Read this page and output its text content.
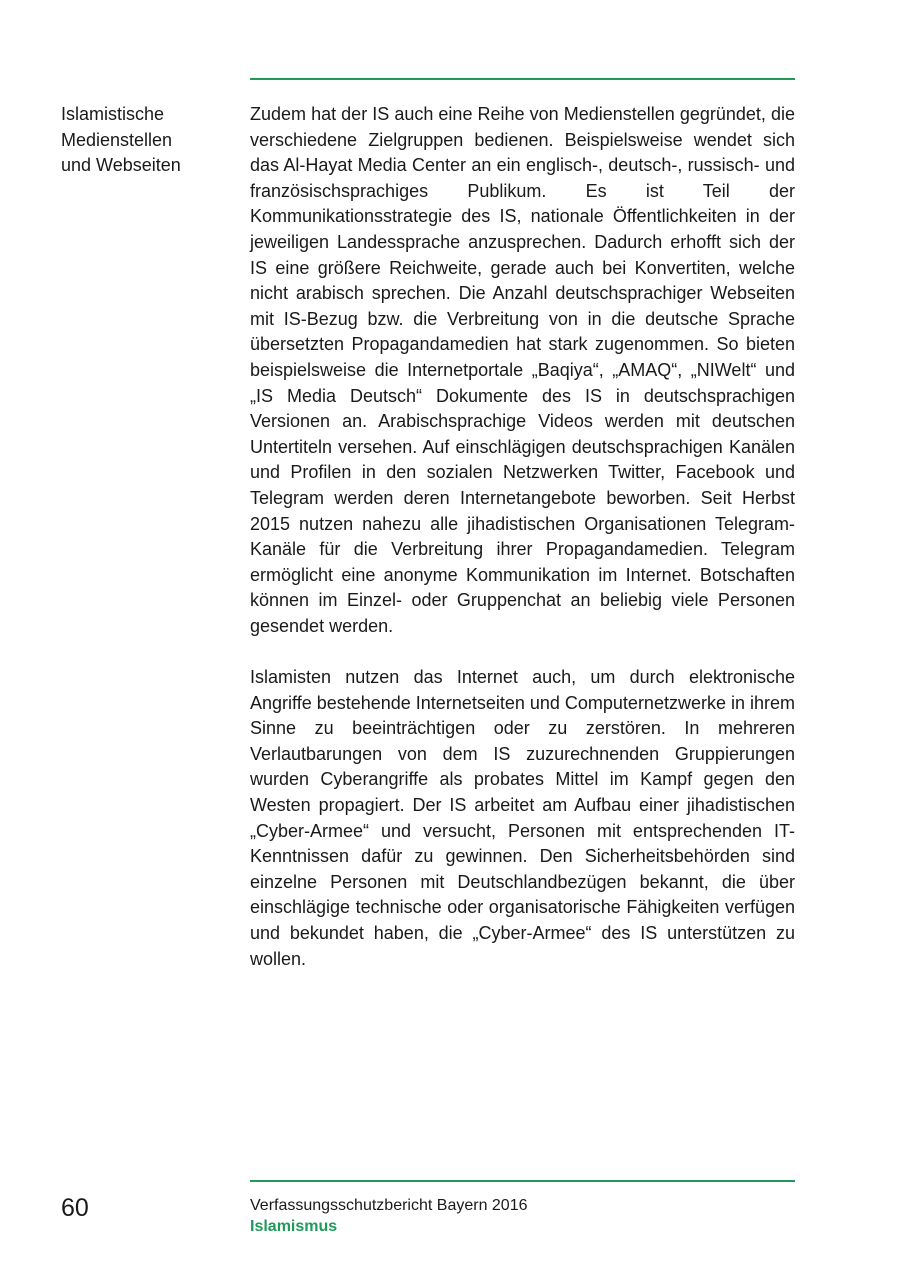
Islamistische
Medienstellen
und Webseiten

Zudem hat der IS auch eine Reihe von Medienstellen gegründet, die verschiedene Zielgruppen bedienen. Beispielsweise wendet sich das Al-Hayat Media Center an ein englisch-, deutsch-, russisch- und französischsprachiges Publikum. Es ist Teil der Kommunikationsstrategie des IS, nationale Öffentlichkeiten in der jeweiligen Landessprache anzusprechen. Dadurch erhofft sich der IS eine größere Reichweite, gerade auch bei Konvertiten, welche nicht arabisch sprechen. Die Anzahl deutschsprachiger Webseiten mit IS-Bezug bzw. die Verbreitung von in die deutsche Sprache übersetzten Propagandamedien hat stark zugenommen. So bieten beispielsweise die Internetportale „Baqiya“, „AMAQ“, „NIWelt“ und „IS Media Deutsch“ Dokumente des IS in deutschsprachigen Versionen an. Arabischsprachige Videos werden mit deutschen Untertiteln versehen. Auf einschlägigen deutschsprachigen Kanälen und Profilen in den sozialen Netzwerken Twitter, Facebook und Telegram werden deren Internetangebote beworben. Seit Herbst 2015 nutzen nahezu alle jihadistischen Organisationen Telegram-Kanäle für die Verbreitung ihrer Propagandamedien. Telegram ermöglicht eine anonyme Kommunikation im Internet. Botschaften können im Einzel- oder Gruppenchat an beliebig viele Personen gesendet werden.

Islamisten nutzen das Internet auch, um durch elektronische Angriffe bestehende Internetseiten und Computernetzwerke in ihrem Sinne zu beeinträchtigen oder zu zerstören. In mehreren Verlautbarungen von dem IS zuzurechnenden Gruppierungen wurden Cyberangriffe als probates Mittel im Kampf gegen den Westen propagiert. Der IS arbeitet am Aufbau einer jihadistischen „Cyber-Armee“ und versucht, Personen mit entsprechenden IT-Kenntnissen dafür zu gewinnen. Den Sicherheitsbehörden sind einzelne Personen mit Deutschlandbezügen bekannt, die über einschlägige technische oder organisatorische Fähigkeiten verfügen und bekundet haben, die „Cyber-Armee“ des IS unterstützen zu wollen.

60	Verfassungsschutzbericht Bayern 2016
Islamismus
